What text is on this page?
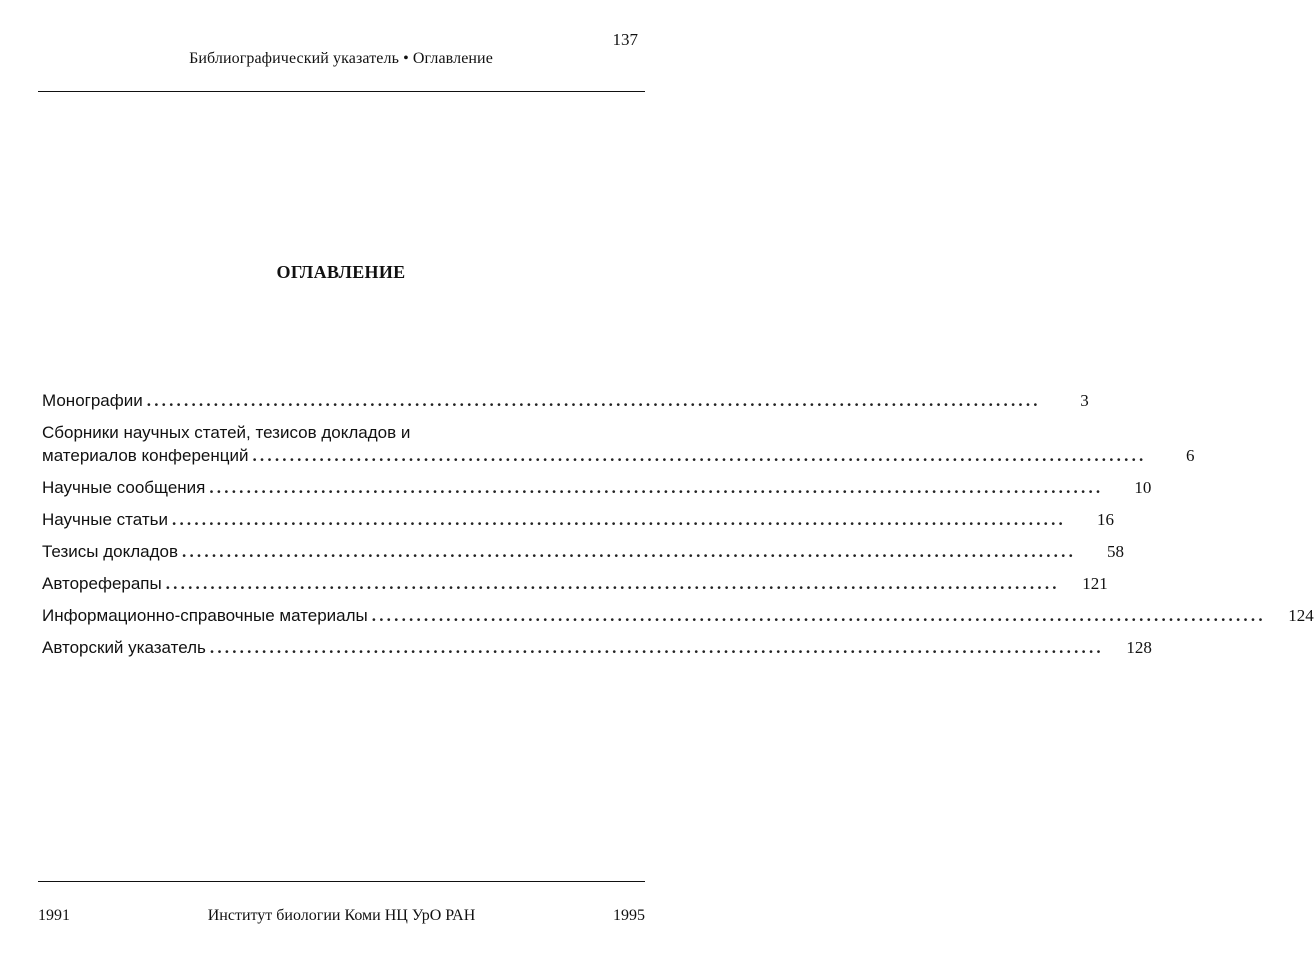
137
Библиографический указатель • Оглавление
ОГЛАВЛЕНИЕ
Монографии ........................................................................................................................	3
Сборники научных статей, тезисов докладов и
материалов конференций ........................................................................................................................	6
Научные сообщения ........................................................................................................................	10
Научные статьи ........................................................................................................................	16
Тезисы докладов ........................................................................................................................	58
Автореферапы ........................................................................................................................	121
Информационно-справочные материалы ........................................................................................................................	124
Авторский указатель ........................................................................................................................	128
1991	Институт биологии Коми НЦ УрО РАН	1995
